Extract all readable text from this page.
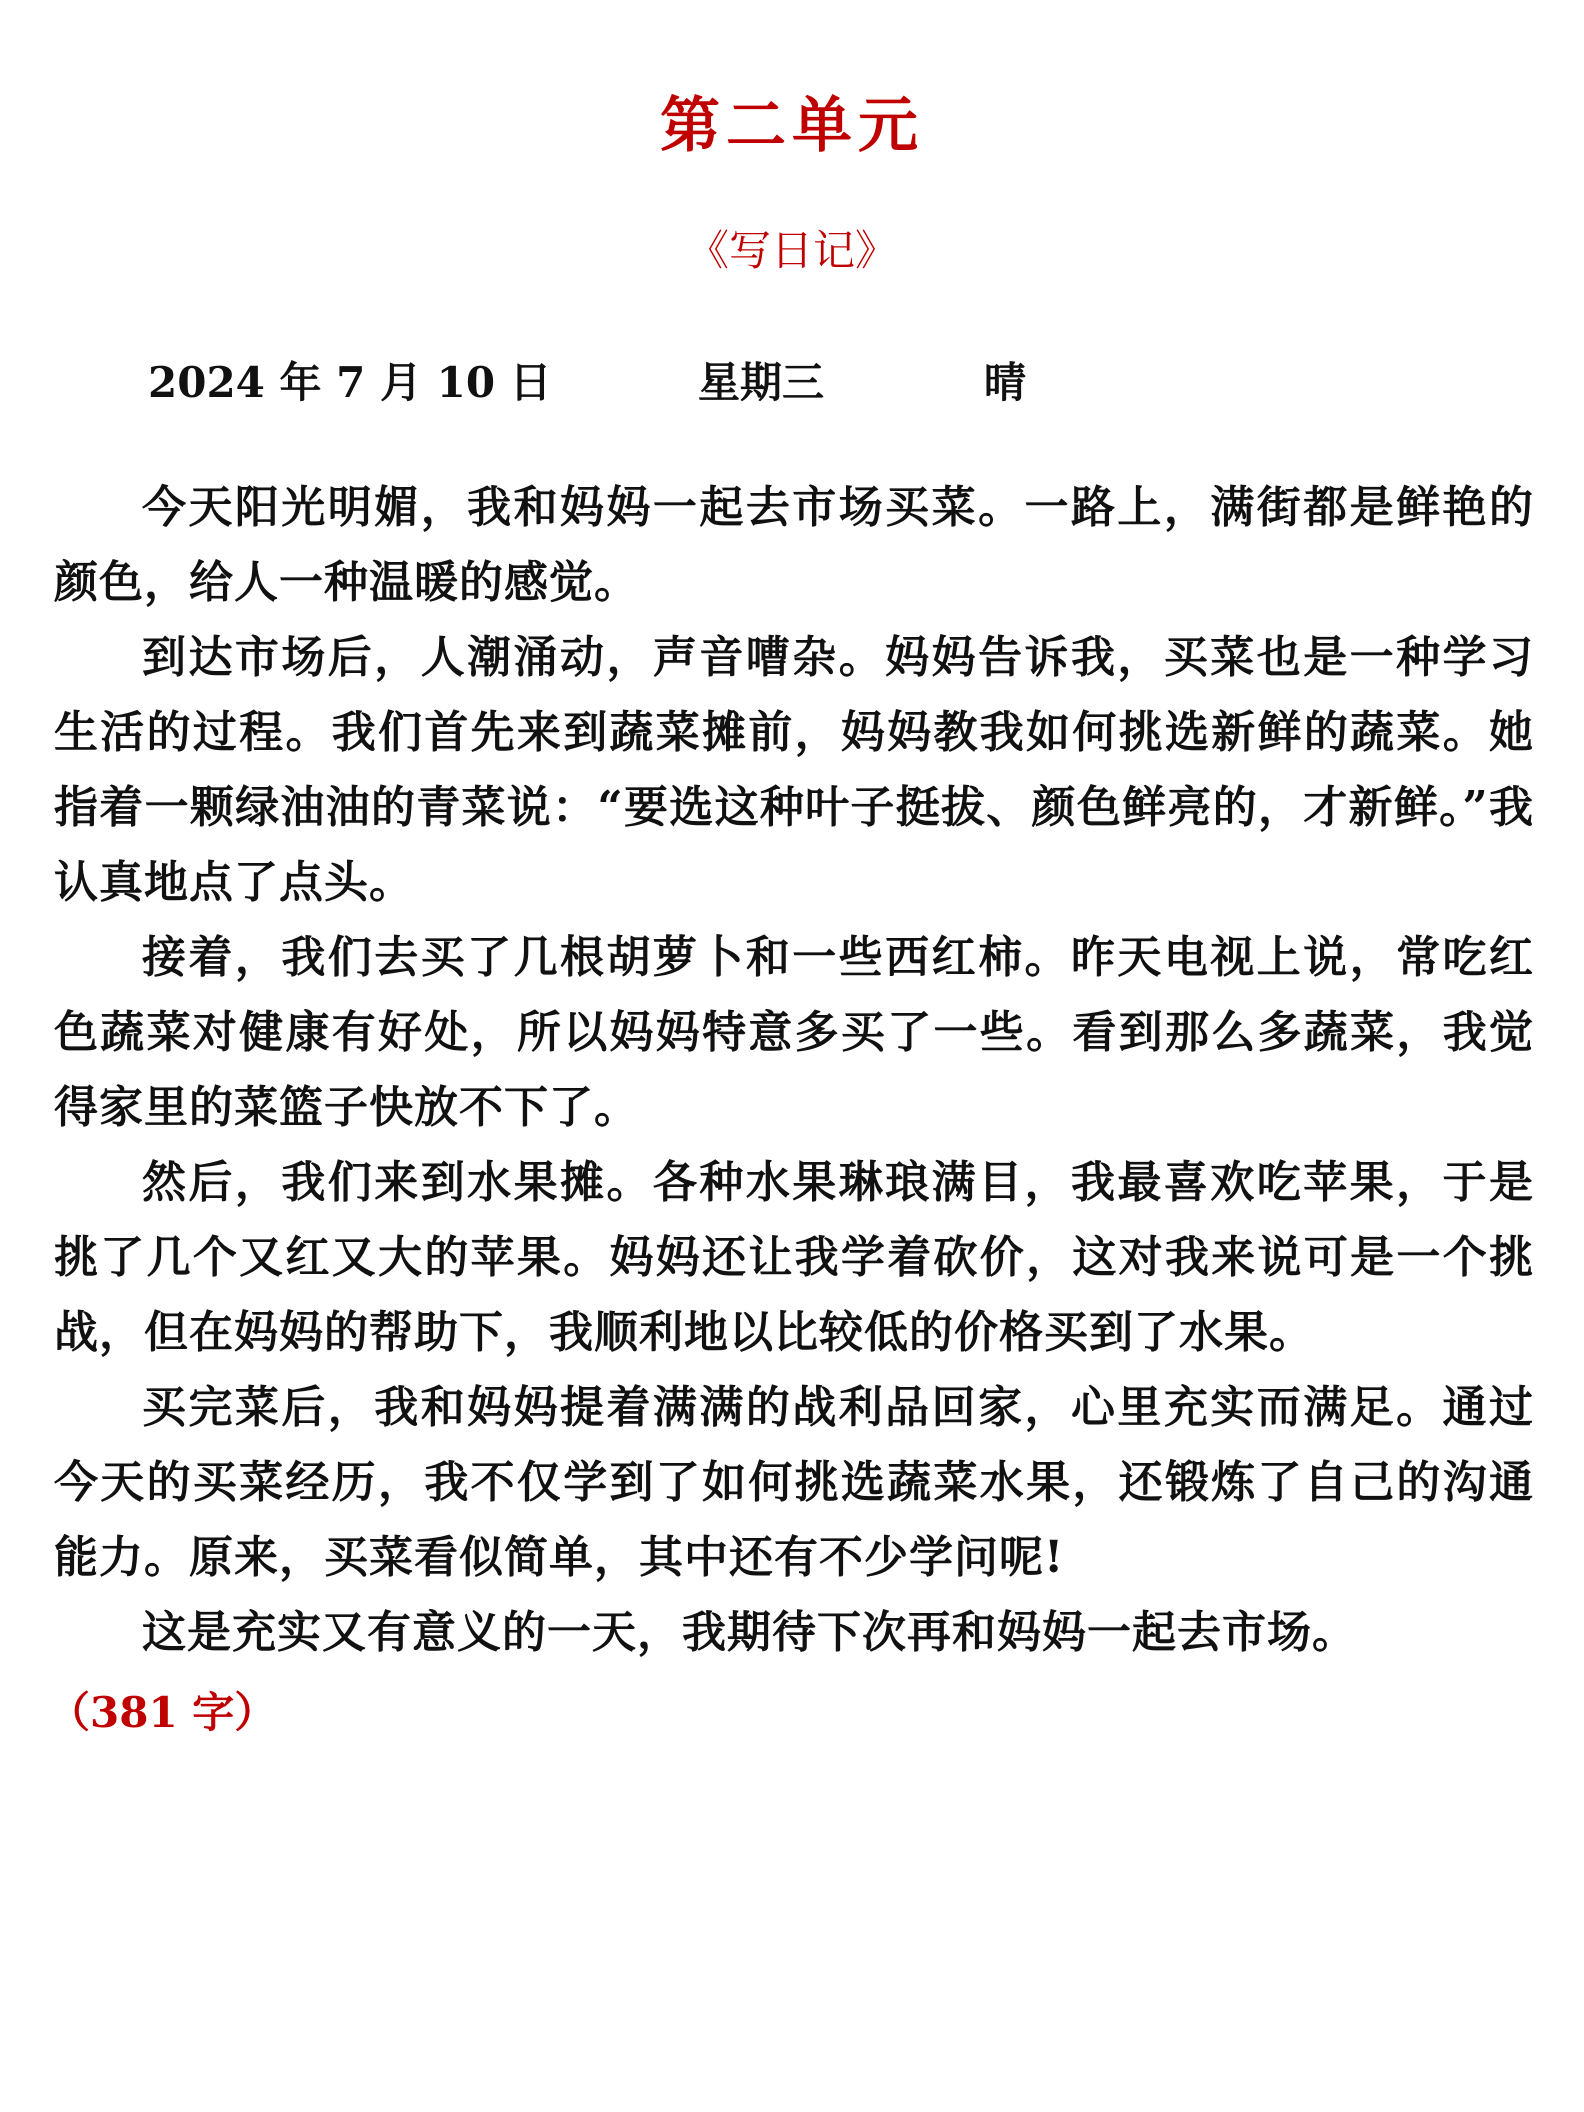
第二单元
《写日记》
2024 年 7 月 10 日	星期三	晴

今天阳光明媚，我和妈妈一起去市场买菜。一路上，满街都是鲜艳的颜色，给人一种温暖的感觉。

到达市场后，人潮涌动，声音嘈杂。妈妈告诉我，买菜也是一种学习生活的过程。我们首先来到蔬菜摊前，妈妈教我如何挑选新鲜的蔬菜。她指着一颗绿油油的青菜说：“要选这种叶子挺拔、颜色鲜亮的，才新鲜。”我认真地点了点头。

接着，我们去买了几根胡萝卜和一些西红柿。昨天电视上说，常吃红色蔬菜对健康有好处，所以妈妈特意多买了一些。看到那么多蔬菜，我觉得家里的菜篮子快放不下了。

然后，我们来到水果摊。各种水果琳琅满目，我最喜欢吃苹果，于是挑了几个又红又大的苹果。妈妈还让我学着砍价，这对我来说可是一个挑战，但在妈妈的帮助下，我顺利地以比较低的价格买到了水果。

买完菜后，我和妈妈提着满满的战利品回家，心里充实而满足。通过今天的买菜经历，我不仅学到了如何挑选蔬菜水果，还锻炼了自己的沟通能力。原来，买菜看似简单，其中还有不少学问呢!

这是充实又有意义的一天，我期待下次再和妈妈一起去市场。

（381 字）
